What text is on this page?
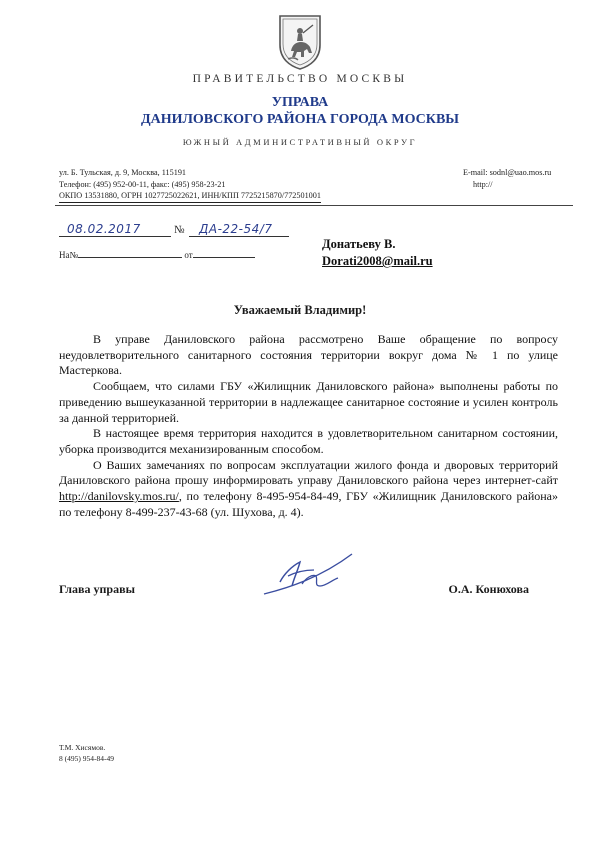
ПРАВИТЕЛЬСТВО МОСКВЫ
УПРАВА
ДАНИЛОВСКОГО РАЙОНА ГОРОДА МОСКВЫ
ЮЖНЫЙ АДМИНИСТРАТИВНЫЙ ОКРУГ
ул. Б. Тульская, д. 9, Москва, 115191
Телефон: (495) 952-00-11, факс: (495) 958-23-21
ОКПО 13531880, ОГРН 1027725022621, ИНН/КПП 7725215870/772501001
E-mail: sodnl@uao.mos.ru
http://
08.02.2017	№ ДА-22-54/7
На№	от
Донатьеву В.
Dorati2008@mail.ru
Уважаемый Владимир!

В управе Даниловского района рассмотрено Ваше обращение по вопросу неудовлетворительного санитарного состояния территории вокруг дома № 1 по улице Мастеркова.

Сообщаем, что силами ГБУ «Жилищник Даниловского района» выполнены работы по приведению вышеуказанной территории в надлежащее санитарное состояние и усилен контроль за данной территорией.

В настоящее время территория находится в удовлетворительном санитарном состоянии, уборка производится механизированным способом.

О Ваших замечаниях по вопросам эксплуатации жилого фонда и дворовых территорий Даниловского района прошу информировать управу Даниловского района через интернет-сайт http://danilovsky.mos.ru/, по телефону 8-495-954-84-49, ГБУ «Жилищник Даниловского района» по телефону 8-499-237-43-68 (ул. Шухова, д. 4).

Глава управы	О.А. Конюхова
Т.М. Хисямов.
8 (495) 954-84-49
